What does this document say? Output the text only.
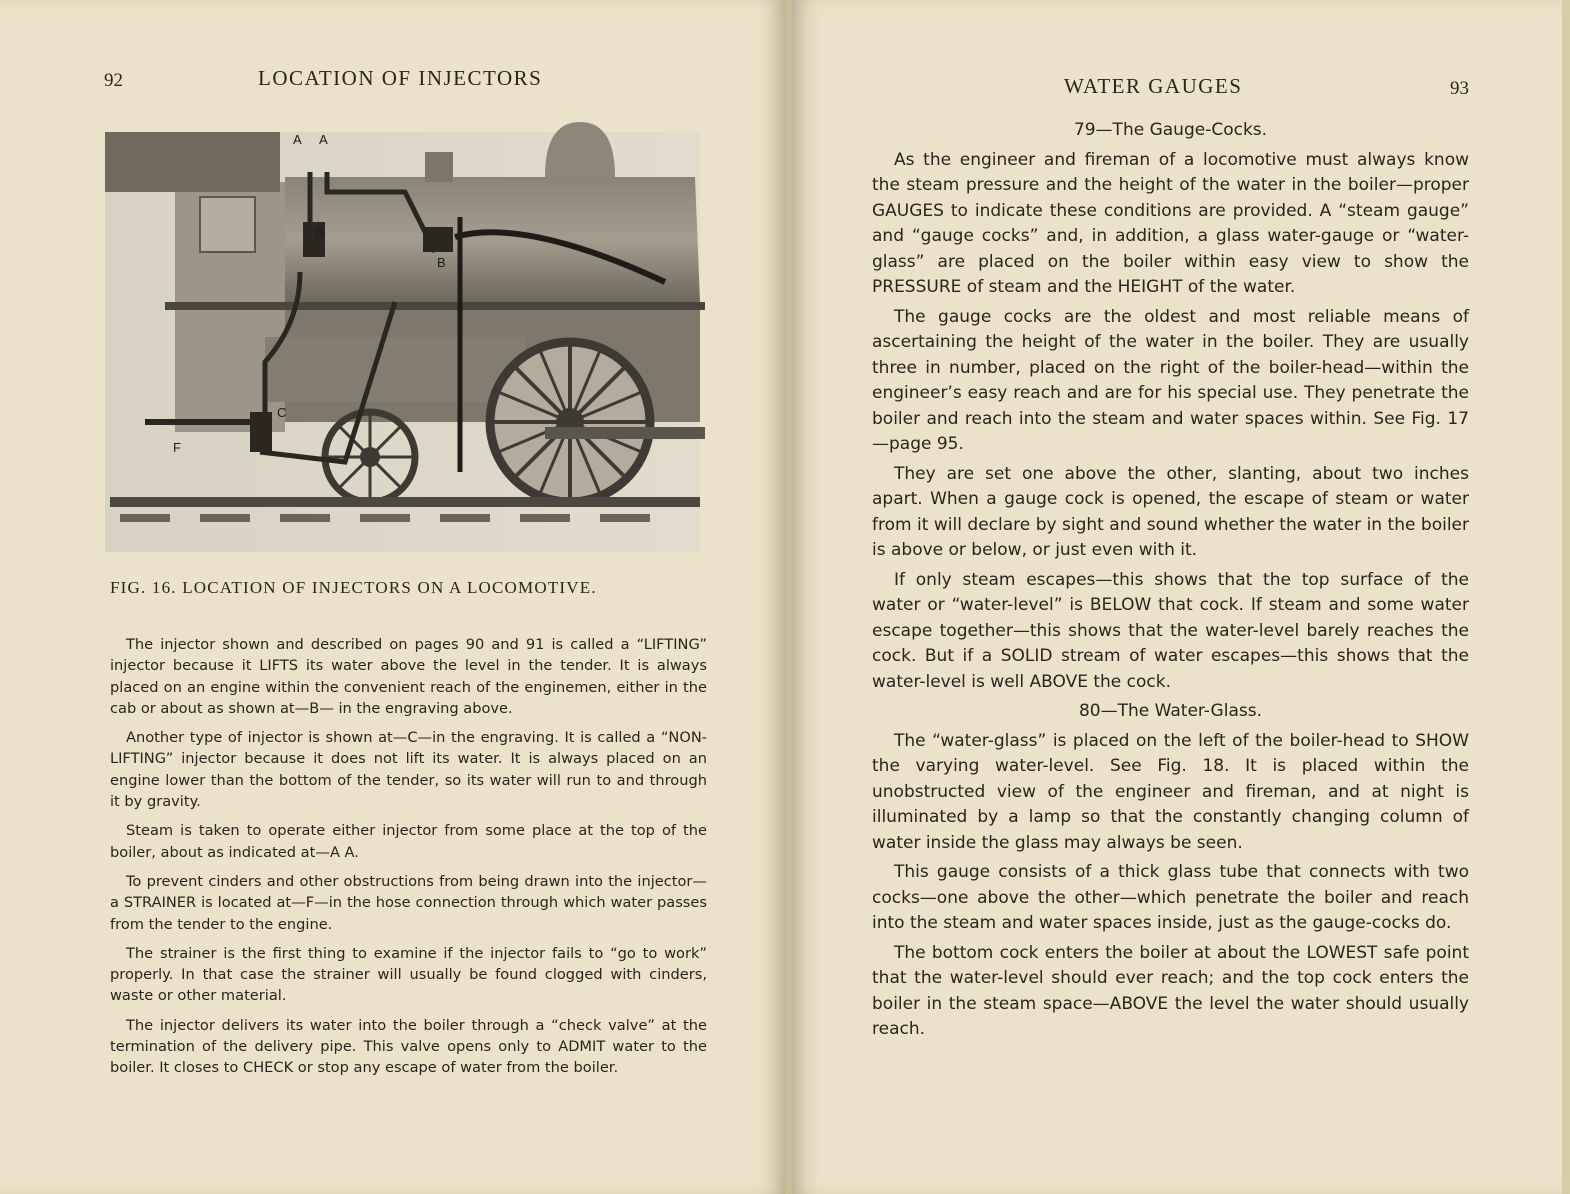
92	LOCATION OF INJECTORS
A A
D
B
C
F
FIG. 16. LOCATION OF INJECTORS ON A LOCOMOTIVE.

The injector shown and described on pages 90 and 91 is called a “LIFTING” injector because it LIFTS its water above the level in the tender. It is always placed on an engine within the convenient reach of the enginemen, either in the cab or about as shown at—B— in the engraving above.

Another type of injector is shown at—C—in the engraving. It is called a “NON-LIFTING” injector because it does not lift its water. It is always placed on an engine lower than the bottom of the tender, so its water will run to and through it by gravity.

Steam is taken to operate either injector from some place at the top of the boiler, about as indicated at—A A.

To prevent cinders and other obstructions from being drawn into the injector—a STRAINER is located at—F—in the hose connection through which water passes from the tender to the engine.

The strainer is the first thing to examine if the injector fails to “go to work” properly. In that case the strainer will usually be found clogged with cinders, waste or other material.

The injector delivers its water into the boiler through a “check valve” at the termination of the delivery pipe. This valve opens only to ADMIT water to the boiler. It closes to CHECK or stop any escape of water from the boiler.

WATER GAUGES	93
79—The Gauge-Cocks.

As the engineer and fireman of a locomotive must always know the steam pressure and the height of the water in the boiler—proper GAUGES to indicate these conditions are provided. A “steam gauge” and “gauge cocks” and, in addition, a glass water-gauge or “water-glass” are placed on the boiler within easy view to show the PRESSURE of steam and the HEIGHT of the water.

The gauge cocks are the oldest and most reliable means of ascertaining the height of the water in the boiler. They are usually three in number, placed on the right of the boiler-head—within the engineer’s easy reach and are for his special use. They penetrate the boiler and reach into the steam and water spaces within. See Fig. 17—page 95.

They are set one above the other, slanting, about two inches apart. When a gauge cock is opened, the escape of steam or water from it will declare by sight and sound whether the water in the boiler is above or below, or just even with it.

If only steam escapes—this shows that the top surface of the water or “water-level” is BELOW that cock. If steam and some water escape together—this shows that the water-level barely reaches the cock. But if a SOLID stream of water escapes—this shows that the water-level is well ABOVE the cock.

80—The Water-Glass.

The “water-glass” is placed on the left of the boiler-head to SHOW the varying water-level. See Fig. 18. It is placed within the unobstructed view of the engineer and fireman, and at night is illuminated by a lamp so that the constantly changing column of water inside the glass may always be seen.

This gauge consists of a thick glass tube that connects with two cocks—one above the other—which penetrate the boiler and reach into the steam and water spaces inside, just as the gauge-cocks do.

The bottom cock enters the boiler at about the LOWEST safe point that the water-level should ever reach; and the top cock enters the boiler in the steam space—ABOVE the level the water should usually reach.
